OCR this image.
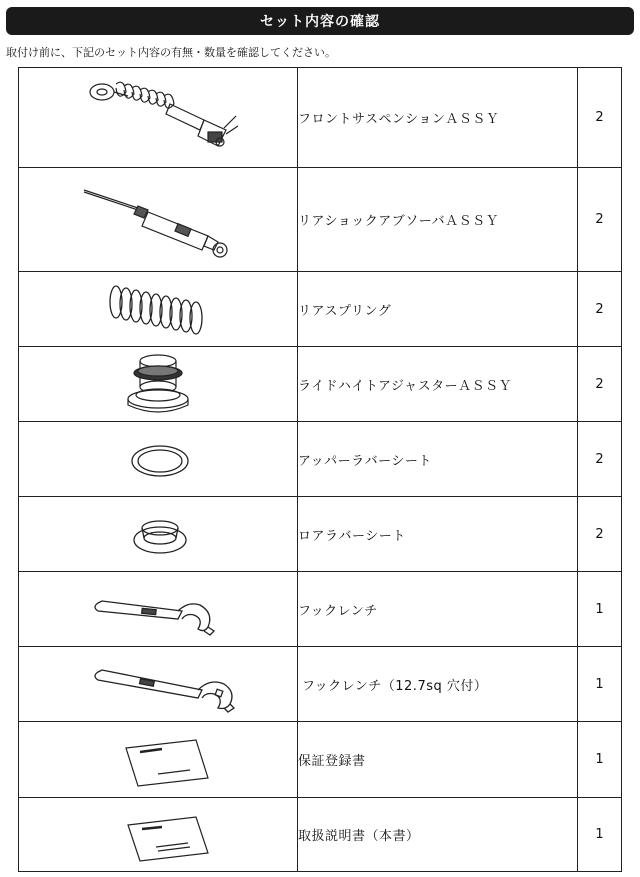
セット内容の確認
取付け前に、下記のセット内容の有無・数量を確認してください。
	フロントサスペンションＡＳＳＹ	2

	リアショックアブソーバＡＳＳＹ	2

	リアスプリング	2

	ライドハイトアジャスターＡＳＳＹ	2

	アッパーラバーシート	2

	ロアラバーシート	2

	フックレンチ	1

	フックレンチ（12.7sq 穴付）	1

	保証登録書	1

	取扱説明書（本書）	1
